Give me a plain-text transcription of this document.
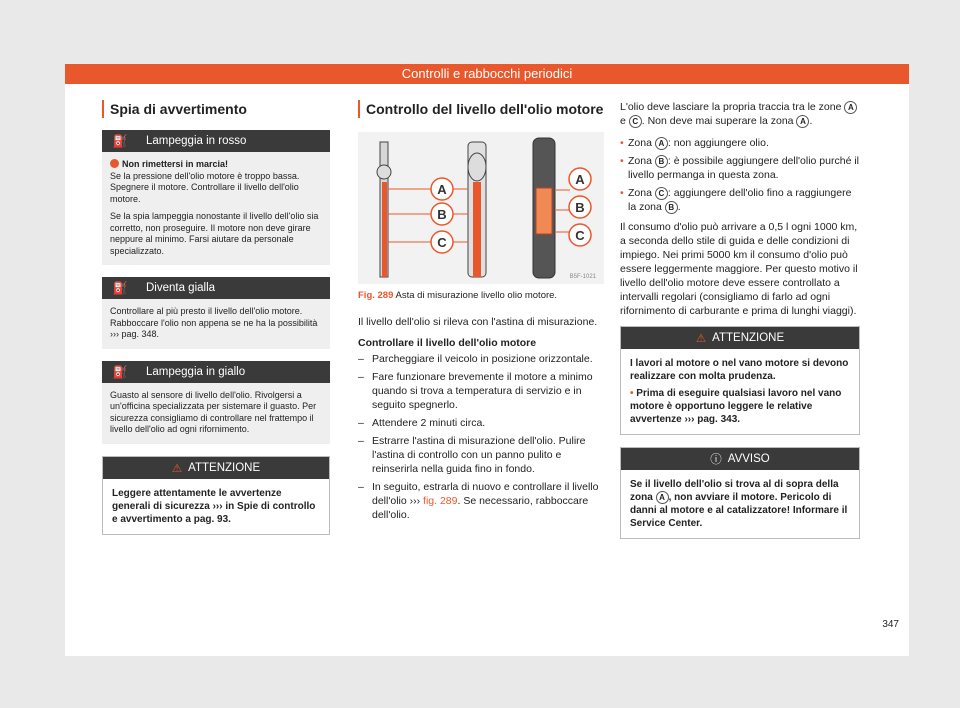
Controlli e rabbocchi periodici
Spia di avvertimento
⛽	Lampeggia in rosso

Non rimettersi in marcia!
Se la pressione dell'olio motore è troppo bassa. Spegnere il motore. Controllare il livello dell'olio motore.

Se la spia lampeggia nonostante il livello dell'olio sia corretto, non proseguire. Il motore non deve girare neppure al minimo. Farsi aiutare da personale specializzato.

⛽	Diventa gialla

Controllare al più presto il livello dell'olio motore. Rabboccare l'olio non appena se ne ha la possibilità ››› pag. 348.

⛽	Lampeggia in giallo

Guasto al sensore di livello dell'olio. Rivolgersi a un'officina specializzata per sistemare il guasto. Per sicurezza consigliamo di controllare nel frattempo il livello dell'olio ad ogni rifornimento.

⚠ ATTENZIONE
Leggere attentamente le avvertenze generali di sicurezza ››› in Spie di controllo e avvertimento a pag. 93.
Controllo del livello dell'olio motore
A
B
C
A
B
C
B5F-1021
Fig. 289 Asta di misurazione livello olio motore.

Il livello dell'olio si rileva con l'astina di misurazione.

Controllare il livello dell'olio motore
– Parcheggiare il veicolo in posizione orizzontale.
– Fare funzionare brevemente il motore a minimo quando si trova a temperatura di servizio e in seguito spegnerlo.
– Attendere 2 minuti circa.
– Estrarre l'astina di misurazione dell'olio. Pulire l'astina di controllo con un panno pulito e reinserirla nella guida fino in fondo.
– In seguito, estrarla di nuovo e controllare il livello dell'olio ››› fig. 289. Se necessario, rabboccare dell'olio.

L'olio deve lasciare la propria traccia tra le zone A e C . Non deve mai superare la zona A .

• Zona A : non aggiungere olio.
• Zona B : è possibile aggiungere dell'olio purché il livello permanga in questa zona.
• Zona C : aggiungere dell'olio fino a raggiungere la zona B .

Il consumo d'olio può arrivare a 0,5 l ogni 1000 km, a seconda dello stile di guida e delle condizioni di impiego. Nei primi 5000 km il consumo d'olio può essere leggermente maggiore. Per questo motivo il livello dell'olio motore deve essere controllato a intervalli regolari (consigliamo di farlo ad ogni rifornimento di carburante e prima di lunghi viaggi).

⚠ ATTENZIONE
I lavori al motore o nel vano motore si devono realizzare con molta prudenza.
• Prima di eseguire qualsiasi lavoro nel vano motore è opportuno leggere le relative avvertenze ››› pag. 343.
ⓘ AVVISO
Se il livello dell'olio si trova al di sopra della zona A , non avviare il motore. Pericolo di danni al motore e al catalizzatore! Informare il Service Center.
347
